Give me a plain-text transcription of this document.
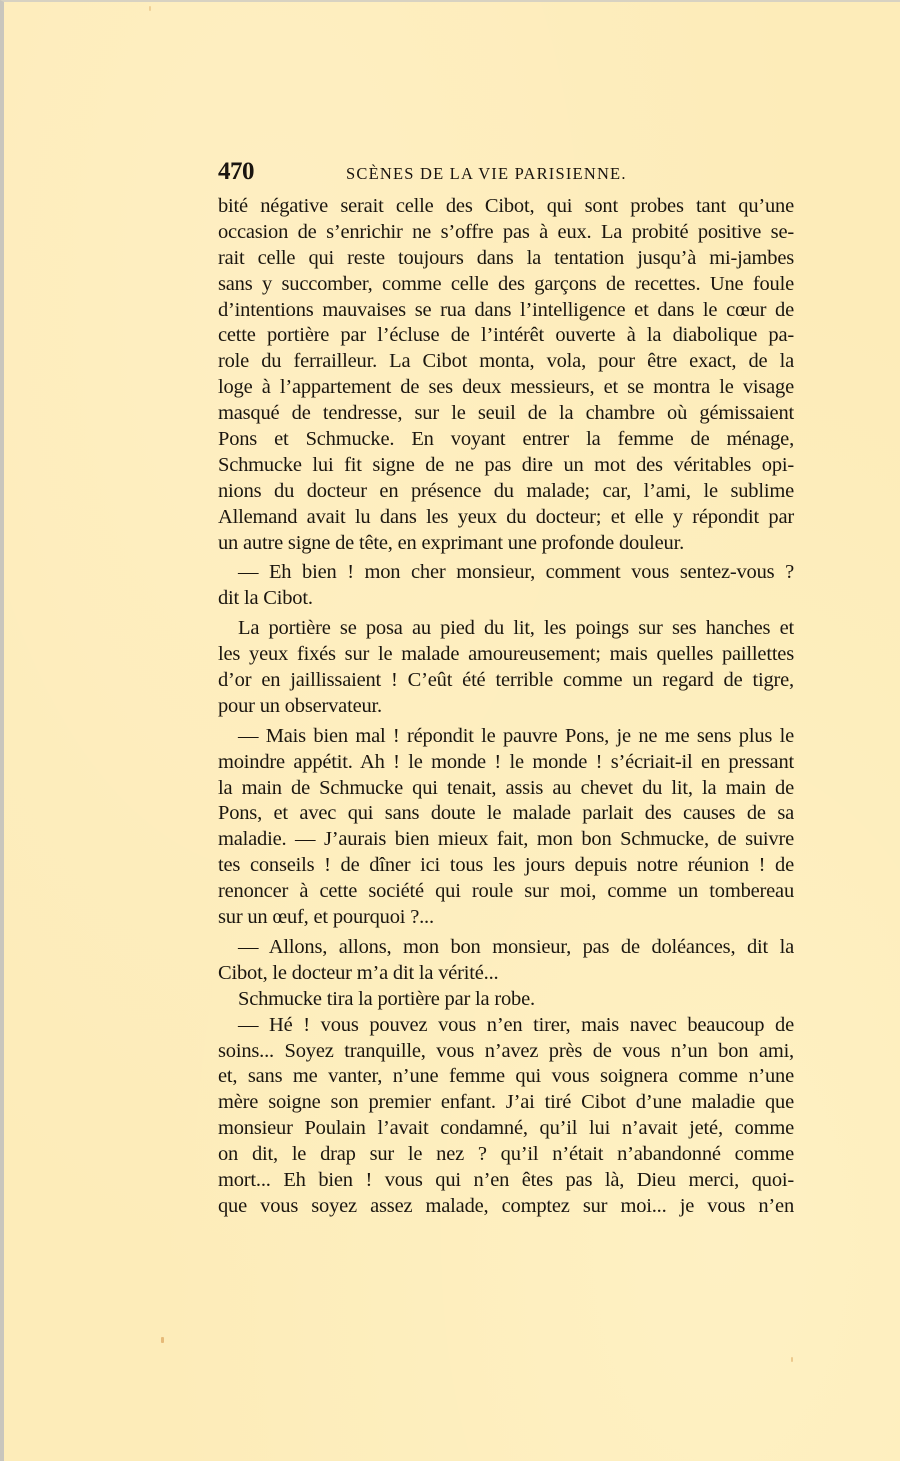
470	SCÈNES DE LA VIE PARISIENNE.
bité négative serait celle des Cibot, qui sont probes tant qu’une
occasion de s’enrichir ne s’offre pas à eux. La probité positive se-
rait celle qui reste toujours dans la tentation jusqu’à mi-jambes
sans y succomber, comme celle des garçons de recettes. Une foule
d’intentions mauvaises se rua dans l’intelligence et dans le cœur de
cette portière par l’écluse de l’intérêt ouverte à la diabolique pa-
role du ferrailleur. La Cibot monta, vola, pour être exact, de la
loge à l’appartement de ses deux messieurs, et se montra le visage
masqué de tendresse, sur le seuil de la chambre où gémissaient
Pons et Schmucke. En voyant entrer la femme de ménage,
Schmucke lui fit signe de ne pas dire un mot des véritables opi-
nions du docteur en présence du malade; car, l’ami, le sublime
Allemand avait lu dans les yeux du docteur; et elle y répondit par
un autre signe de tête, en exprimant une profonde douleur.
— Eh bien ! mon cher monsieur, comment vous sentez-vous ?
dit la Cibot.
La portière se posa au pied du lit, les poings sur ses hanches et
les yeux fixés sur le malade amoureusement; mais quelles paillettes
d’or en jaillissaient ! C’eût été terrible comme un regard de tigre,
pour un observateur.
— Mais bien mal ! répondit le pauvre Pons, je ne me sens plus le
moindre appétit. Ah ! le monde ! le monde ! s’écriait-il en pressant
la main de Schmucke qui tenait, assis au chevet du lit, la main de
Pons, et avec qui sans doute le malade parlait des causes de sa
maladie. — J’aurais bien mieux fait, mon bon Schmucke, de suivre
tes conseils ! de dîner ici tous les jours depuis notre réunion ! de
renoncer à cette société qui roule sur moi, comme un tombereau
sur un œuf, et pourquoi ?...
— Allons, allons, mon bon monsieur, pas de doléances, dit la
Cibot, le docteur m’a dit la vérité...
Schmucke tira la portière par la robe.
— Hé ! vous pouvez vous n’en tirer, mais navec beaucoup de
soins... Soyez tranquille, vous n’avez près de vous n’un bon ami,
et, sans me vanter, n’une femme qui vous soignera comme n’une
mère soigne son premier enfant. J’ai tiré Cibot d’une maladie que
monsieur Poulain l’avait condamné, qu’il lui n’avait jeté, comme
on dit, le drap sur le nez ? qu’il n’était n’abandonné comme
mort... Eh bien ! vous qui n’en êtes pas là, Dieu merci, quoi-
que vous soyez assez malade, comptez sur moi... je vous n’en
